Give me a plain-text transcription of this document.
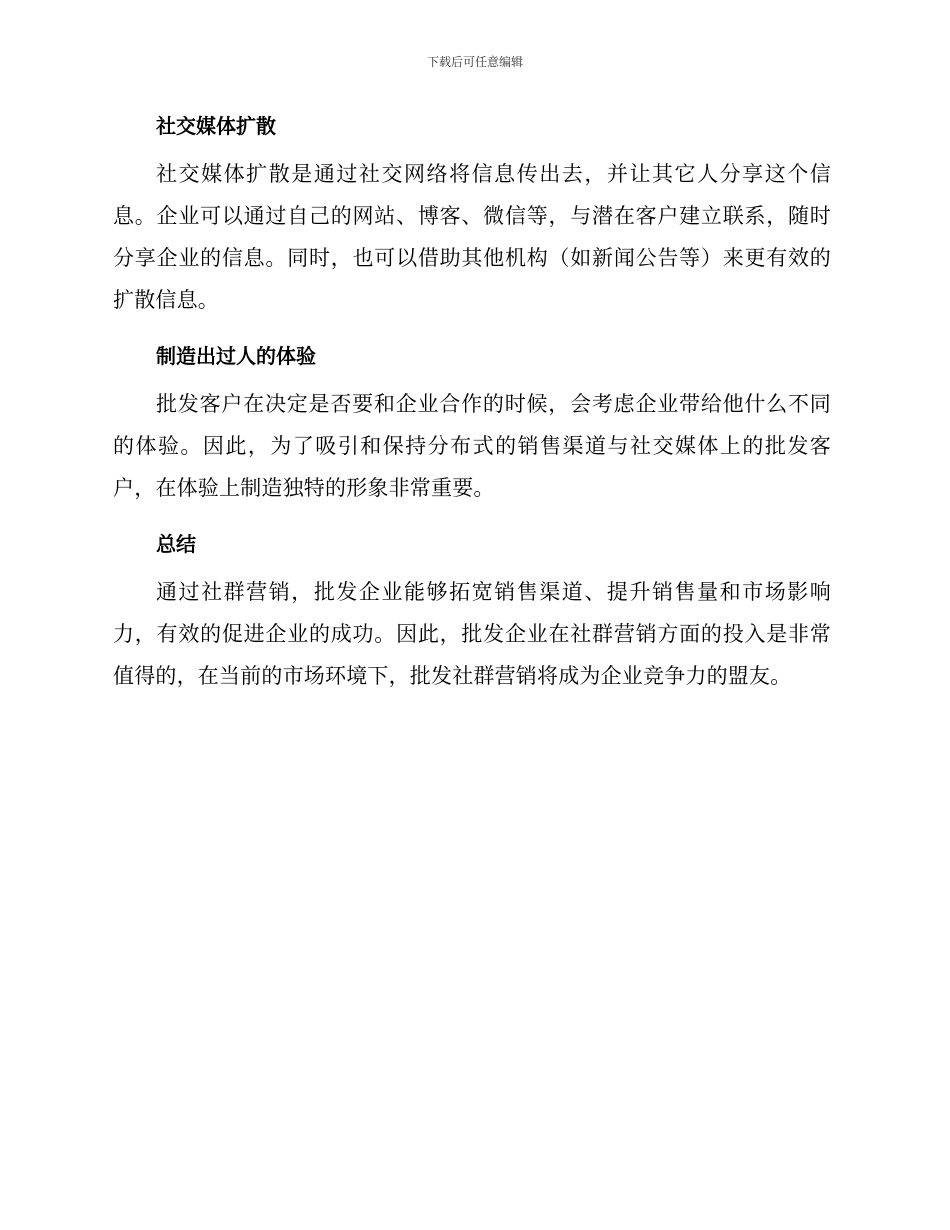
下载后可任意编辑
社交媒体扩散

社交媒体扩散是通过社交网络将信息传出去，并让其它人分享这个信息。企业可以通过自己的网站、博客、微信等，与潜在客户建立联系，随时分享企业的信息。同时，也可以借助其他机构（如新闻公告等）来更有效的扩散信息。

制造出过人的体验

批发客户在决定是否要和企业合作的时候，会考虑企业带给他什么不同的体验。因此，为了吸引和保持分布式的销售渠道与社交媒体上的批发客户，在体验上制造独特的形象非常重要。

总结

通过社群营销，批发企业能够拓宽销售渠道、提升销售量和市场影响力，有效的促进企业的成功。因此，批发企业在社群营销方面的投入是非常值得的，在当前的市场环境下，批发社群营销将成为企业竞争力的盟友。
